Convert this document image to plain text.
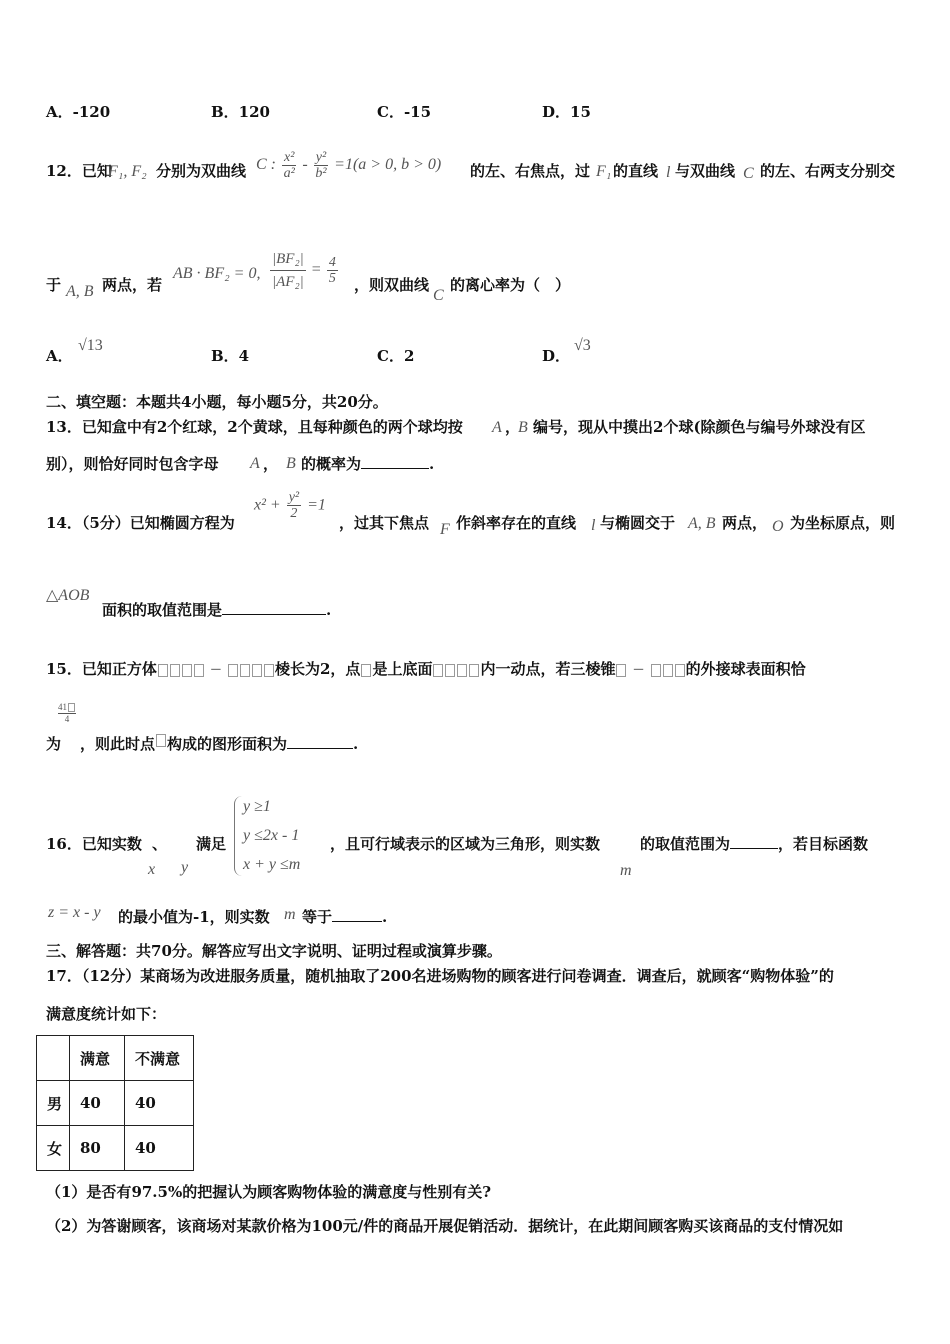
A．-120	B．120	C．-15	D．15
12．已知
F₁, F₂ 分别为双曲线 C : $\frac{\text{x²}}{\text{a²}} - \frac{\text{y²}}{\text{b²}} =1(a > 0$, b > 0) 的左、右焦点，过 F₁ 的直线 l 与双曲线 C 的左、右两支分别交
于 A, B 两点，若
AB · BF₂ = 0, $\frac{\text{|BF₂|}}{\text{|AF₂|}} = \frac{4}{5}$ ，则双曲线
C
的离心率为（　）
A．
√13
B．4	C．2	D．
√3
二、填空题：本题共4小题，每小题5分，共20分。
13．已知盒中有2个红球，2个黄球，且每种颜色的两个球均按 A ，
B 编号，现从中摸出2个球(除颜色与编号外球没有区
别），则恰好同时包含字母 A ， B 的概率为	.
14．（5分）已知椭圆方程为
$x^2 + \frac{\text{y²}}{2} =1$
，过其下焦点 F 作斜率存在的直线 l 与椭圆交于 A, B 两点， O 为坐标原点，则
△AOB
面积的取值范围是	.
15．已知正方体	−	棱长为2，点 是上底面	内一动点，若三棱锥 − 的外接球表面积恰
41
4
为 ，则此时点 构成的图形面积为	.
16．已知实数 、
x y
满足
y ≥1
y ≤2x - 1
x + y ≤m
，且可行域表示的区域为三角形，则实数
m
的取值范围为	，若目标函数
z = x - y 的最小值为-1，则实数 m 等于	.
三、解答题：共70分。解答应写出文字说明、证明过程或演算步骤。
17．（12分）某商场为改进服务质量，随机抽取了200名进场购物的顾客进行问卷调查．调查后，就顾客“购物体验”的
满意度统计如下：
	满意	不满意
男	40	40
女	80	40
（1）是否有97.5%的把握认为顾客购物体验的满意度与性别有关?
（2）为答谢顾客，该商场对某款价格为100元/件的商品开展促销活动．据统计，在此期间顾客购买该商品的支付情况如
